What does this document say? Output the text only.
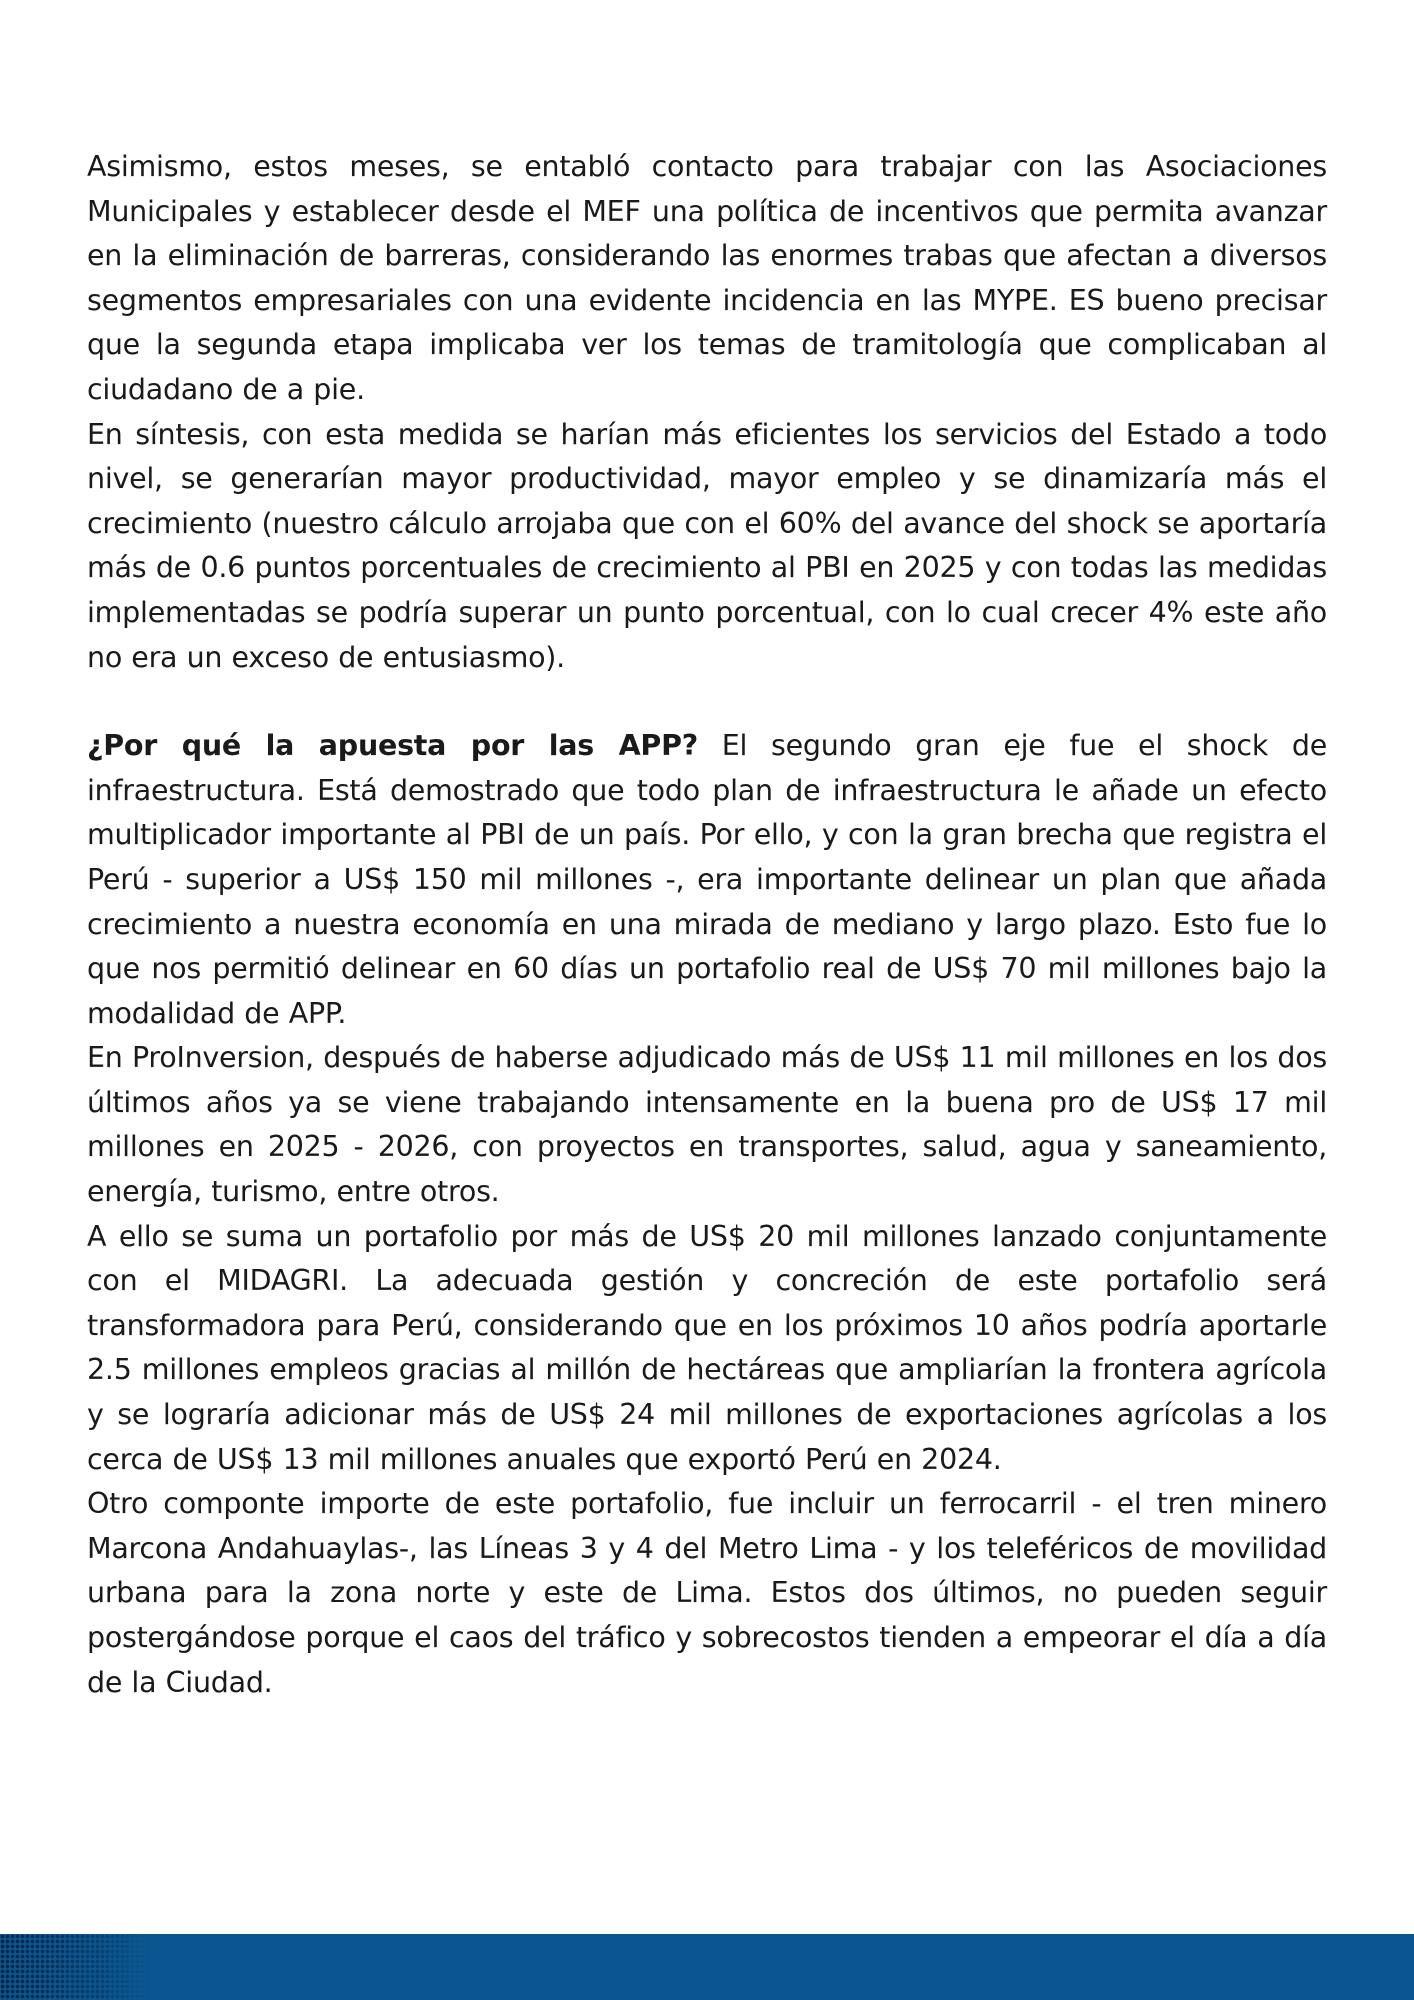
Asimismo, estos meses, se entabló contacto para trabajar con las Asociaciones Municipales y establecer desde el MEF una política de incentivos que permita avanzar en la eliminación de barreras, considerando las enormes trabas que afectan a diversos segmentos empresariales con una evidente incidencia en las MYPE. ES bueno precisar que la segunda etapa implicaba ver los temas de tramitología que complicaban al ciudadano de a pie.

En síntesis, con esta medida se harían más eficientes los servicios del Estado a todo nivel, se generarían mayor productividad, mayor empleo y se dinamizaría más el crecimiento (nuestro cálculo arrojaba que con el 60% del avance del shock se aportaría más de 0.6 puntos porcentuales de crecimiento al PBI en 2025 y con todas las medidas implementadas se podría superar un punto porcentual, con lo cual crecer 4% este año no era un exceso de entusiasmo).

¿Por qué la apuesta por las APP? El segundo gran eje fue el shock de infraestructura. Está demostrado que todo plan de infraestructura le añade un efecto multiplicador importante al PBI de un país. Por ello, y con la gran brecha que registra el Perú - superior a US$ 150 mil millones -, era importante delinear un plan que añada crecimiento a nuestra economía en una mirada de mediano y largo plazo. Esto fue lo que nos permitió delinear en 60 días un portafolio real de US$ 70 mil millones bajo la modalidad de APP.

En ProInversion, después de haberse adjudicado más de US$ 11 mil millones en los dos últimos años ya se viene trabajando intensamente en la buena pro de US$ 17 mil millones en 2025 - 2026, con proyectos en transportes, salud, agua y saneamiento, energía, turismo, entre otros.

A ello se suma un portafolio por más de US$ 20 mil millones lanzado conjuntamente con el MIDAGRI. La adecuada gestión y concreción de este portafolio será transformadora para Perú, considerando que en los próximos 10 años podría aportarle 2.5 millones empleos gracias al millón de hectáreas que ampliarían la frontera agrícola y se lograría adicionar más de US$ 24 mil millones de exportaciones agrícolas a los cerca de US$ 13 mil millones anuales que exportó Perú en 2024.

Otro componte importe de este portafolio, fue incluir un ferrocarril - el tren minero Marcona Andahuaylas-, las Líneas 3 y 4 del Metro Lima - y los teleféricos de movilidad urbana para la zona norte y este de Lima. Estos dos últimos, no pueden seguir postergándose porque el caos del tráfico y sobrecostos tienden a empeorar el día a día de la Ciudad.
